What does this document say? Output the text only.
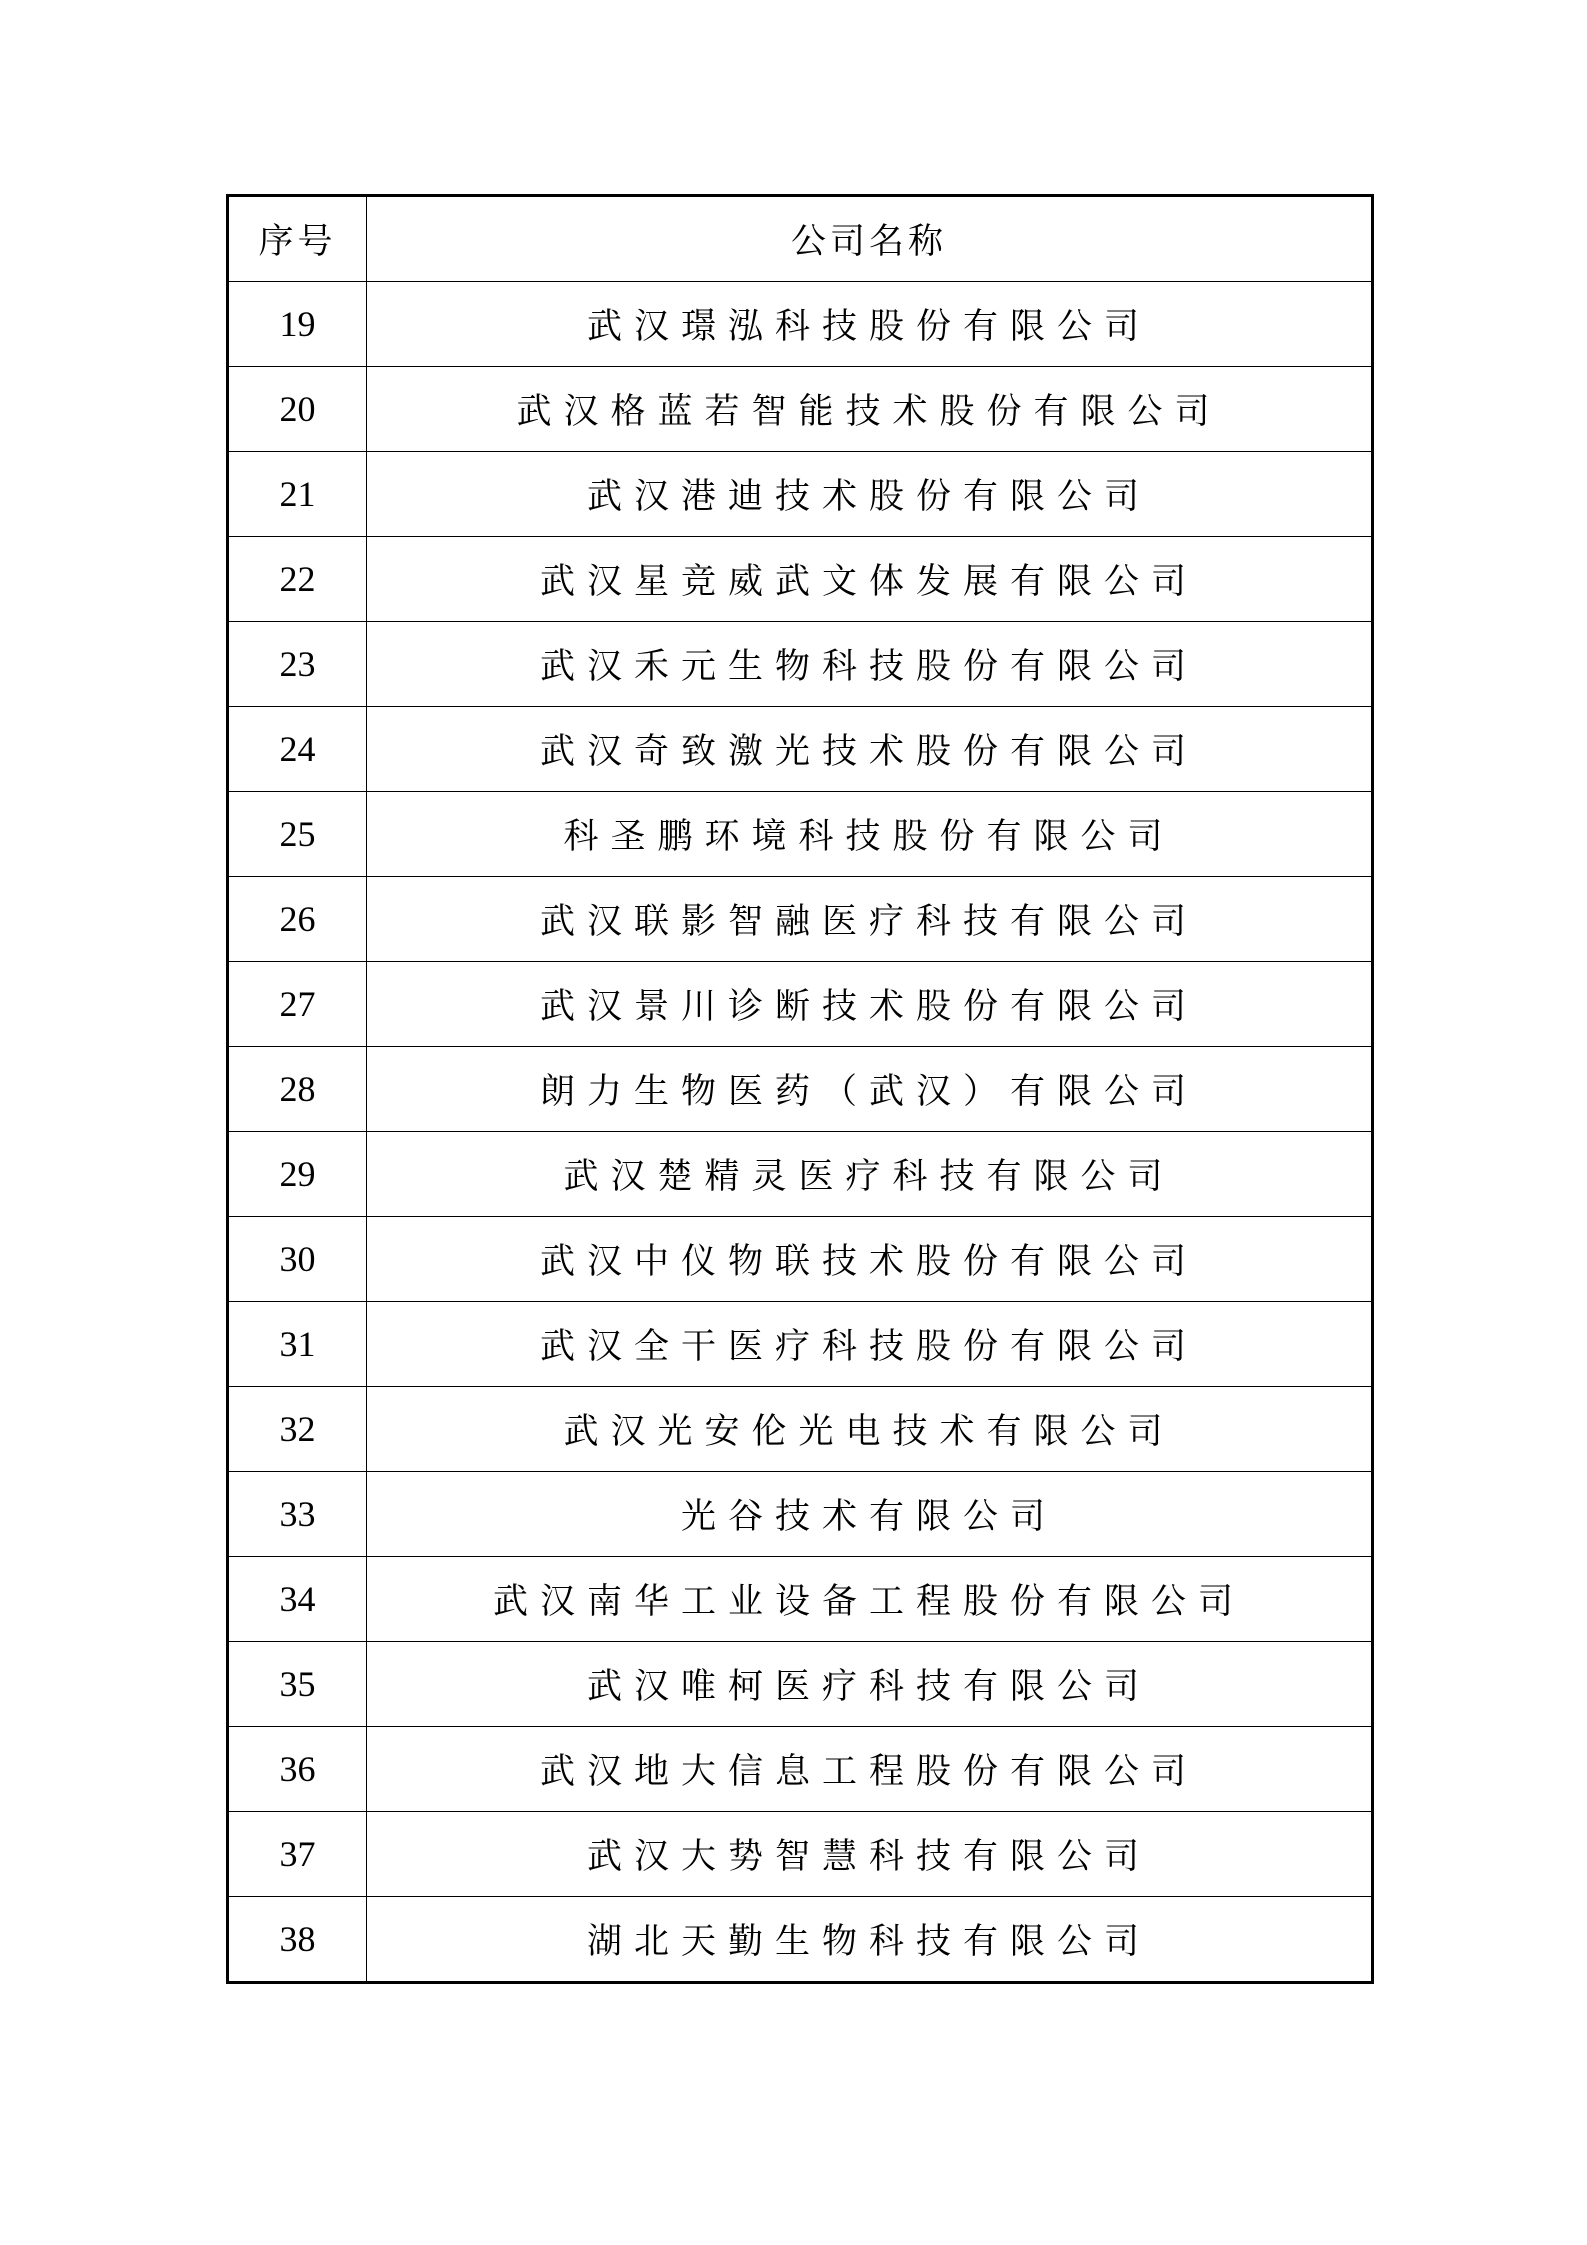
序号	公司名称
19	武汉璟泓科技股份有限公司
20	武汉格蓝若智能技术股份有限公司
21	武汉港迪技术股份有限公司
22	武汉星竞威武文体发展有限公司
23	武汉禾元生物科技股份有限公司
24	武汉奇致激光技术股份有限公司
25	科圣鹏环境科技股份有限公司
26	武汉联影智融医疗科技有限公司
27	武汉景川诊断技术股份有限公司
28	朗力生物医药（武汉）有限公司
29	武汉楚精灵医疗科技有限公司
30	武汉中仪物联技术股份有限公司
31	武汉全干医疗科技股份有限公司
32	武汉光安伦光电技术有限公司
33	光谷技术有限公司
34	武汉南华工业设备工程股份有限公司
35	武汉唯柯医疗科技有限公司
36	武汉地大信息工程股份有限公司
37	武汉大势智慧科技有限公司
38	湖北天勤生物科技有限公司
